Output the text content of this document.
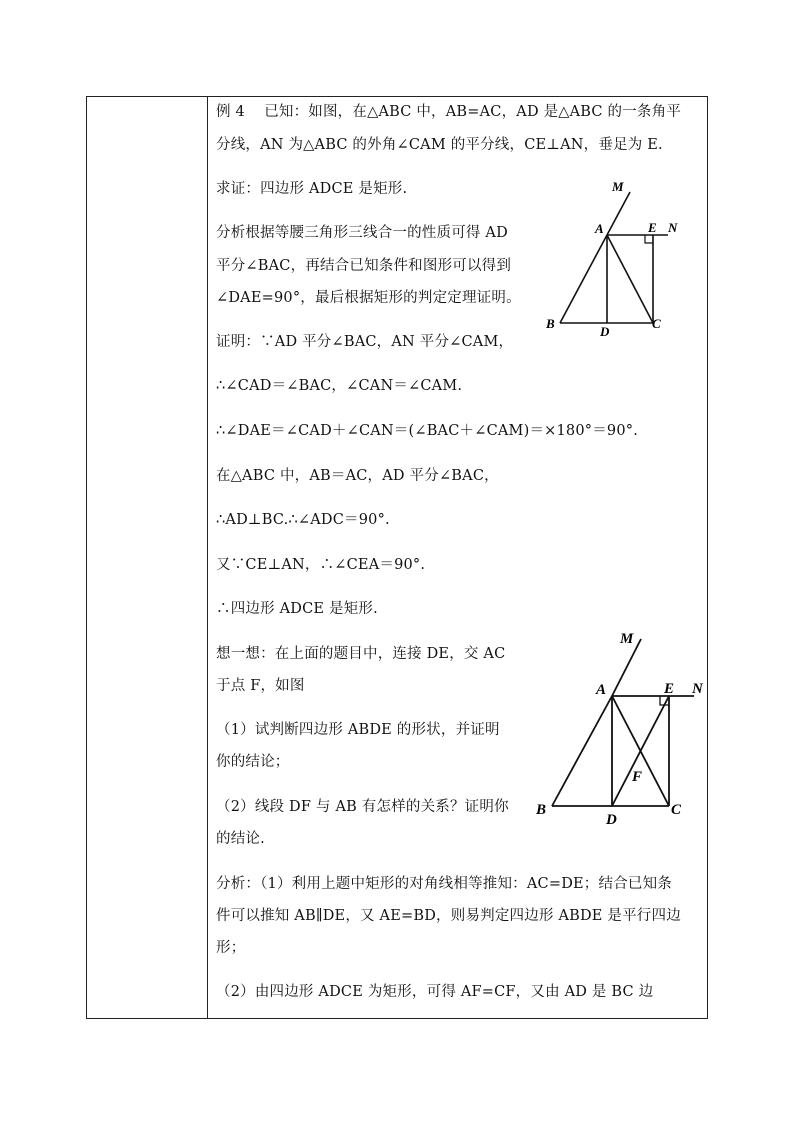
例 4 已知：如图，在△ABC 中，AB=AC，AD 是△ABC 的一条角平
分线，AN 为△ABC 的外角∠CAM 的平分线，CE⊥AN，垂足为 E.
求证：四边形 ADCE 是矩形.
分析根据等腰三角形三线合一的性质可得 AD
平分∠BAC，再结合已知条件和图形可以得到
∠DAE=90°，最后根据矩形的判定定理证明。
证明：∵AD 平分∠BAC，AN 平分∠CAM，
∴∠CAD＝∠BAC，∠CAN＝∠CAM.
∴∠DAE＝∠CAD＋∠CAN＝(∠BAC＋∠CAM)＝×180°＝90°.
在△ABC 中，AB＝AC，AD 平分∠BAC，
∴AD⊥BC.∴∠ADC＝90°.
又∵CE⊥AN，∴∠CEA＝90°.
∴四边形 ADCE 是矩形.
想一想：在上面的题目中，连接 DE，交 AC
于点 F，如图
（1）试判断四边形 ABDE 的形状，并证明
你的结论；
（2）线段 DF 与 AB 有怎样的关系？证明你
的结论.
分析：（1）利用上题中矩形的对角线相等推知：AC=DE；结合已知条
件可以推知 AB∥DE，又 AE=BD，则易判定四边形 ABDE 是平行四边
形；
（2）由四边形 ADCE 为矩形，可得 AF=CF，又由 AD 是 BC 边
M
A	E N
B
D
C
M
A	E N
B
D
C
F
